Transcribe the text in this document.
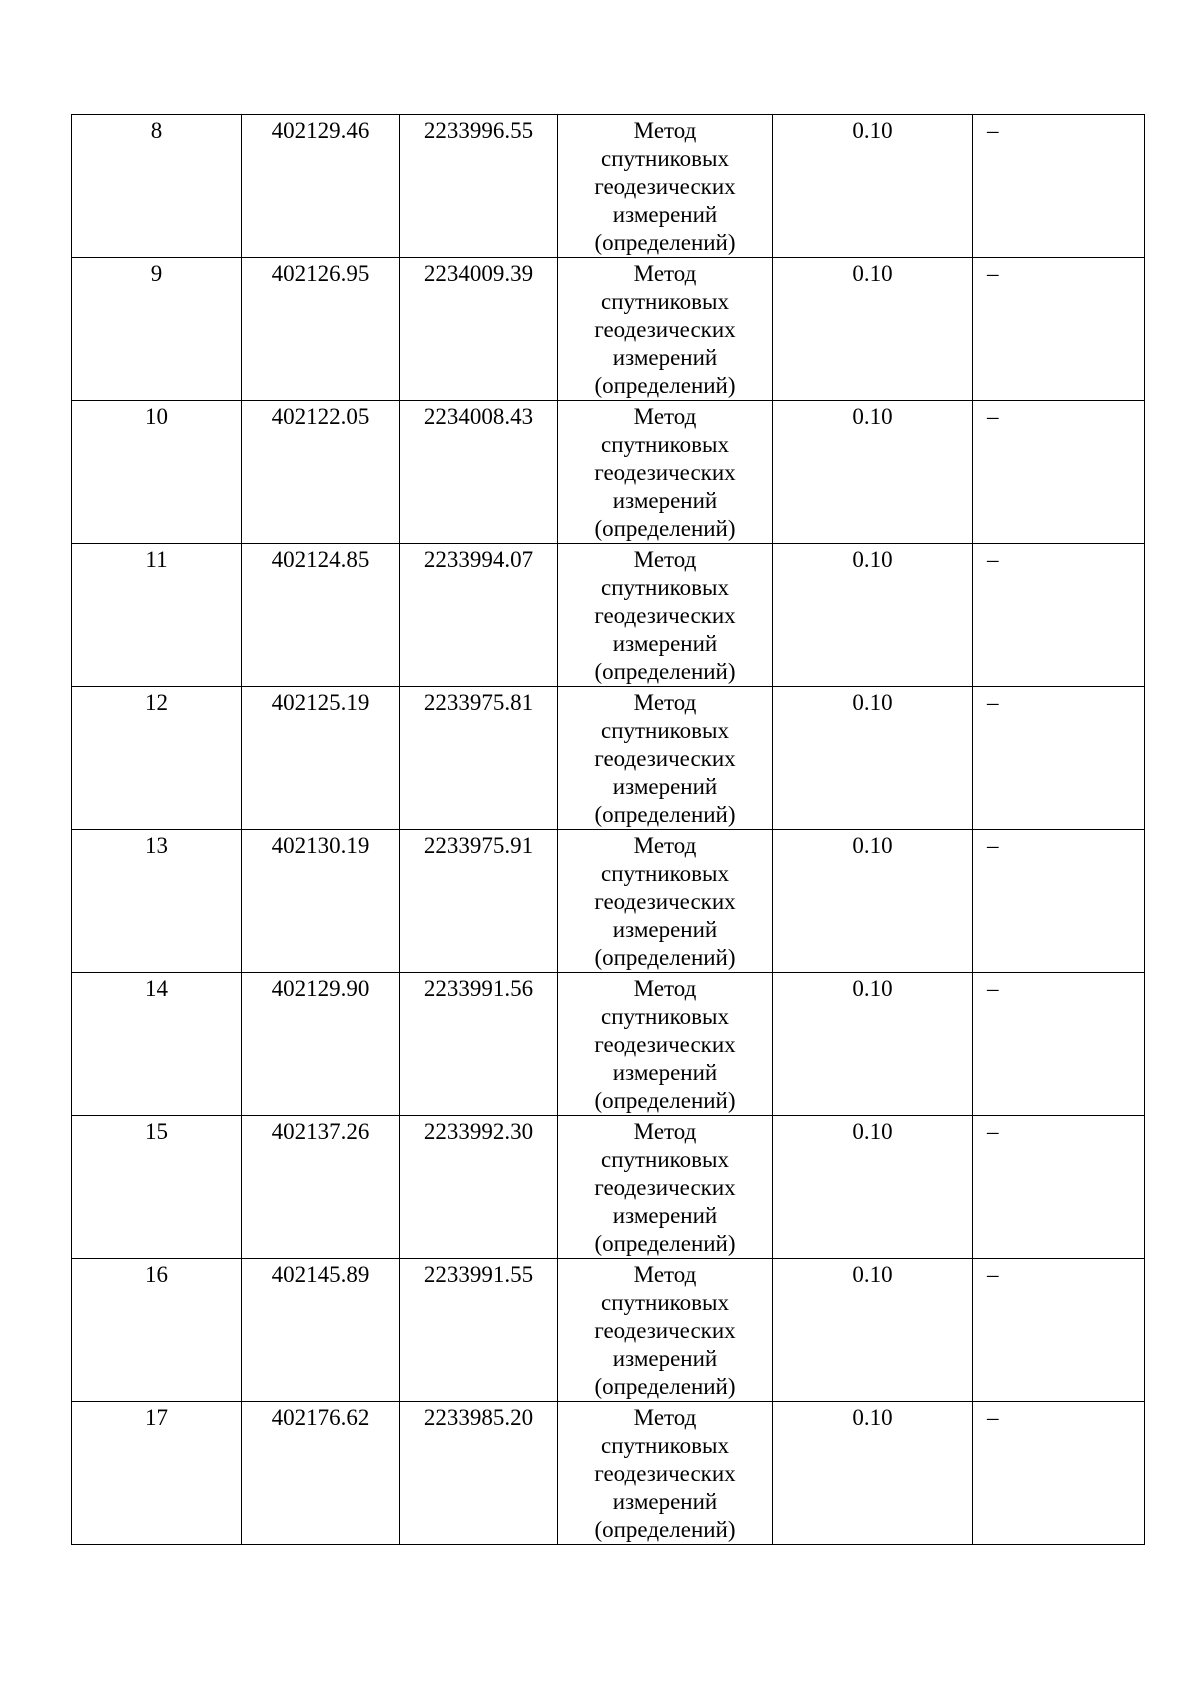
8	402129.46	2233996.55	Метод
спутниковых
геодезических
измерений
(определений)	0.10	–
9	402126.95	2234009.39	Метод
спутниковых
геодезических
измерений
(определений)	0.10	–
10	402122.05	2234008.43	Метод
спутниковых
геодезических
измерений
(определений)	0.10	–
11	402124.85	2233994.07	Метод
спутниковых
геодезических
измерений
(определений)	0.10	–
12	402125.19	2233975.81	Метод
спутниковых
геодезических
измерений
(определений)	0.10	–
13	402130.19	2233975.91	Метод
спутниковых
геодезических
измерений
(определений)	0.10	–
14	402129.90	2233991.56	Метод
спутниковых
геодезических
измерений
(определений)	0.10	–
15	402137.26	2233992.30	Метод
спутниковых
геодезических
измерений
(определений)	0.10	–
16	402145.89	2233991.55	Метод
спутниковых
геодезических
измерений
(определений)	0.10	–
17	402176.62	2233985.20	Метод
спутниковых
геодезических
измерений
(определений)	0.10	–
